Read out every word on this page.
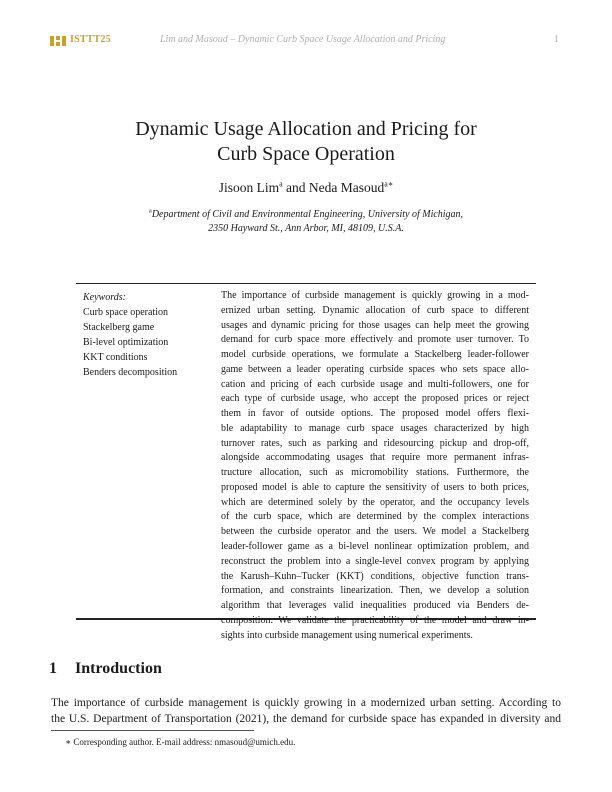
ISTTT25	Lim and Masoud – Dynamic Curb Space Usage Allocation and Pricing	1
Dynamic Usage Allocation and Pricing for
Curb Space Operation
Jisoon Lim$^a$ and Neda Masoud$^{a∗}$
$^a$Department of Civil and Environmental Engineering, University of Michigan,
2350 Hayward St., Ann Arbor, MI, 48109, U.S.A.
Keywords:
Curb space operation
Stackelberg game
Bi-level optimization
KKT conditions
Benders decomposition
The importance of curbside management is quickly growing in a mod-
ernized urban setting. Dynamic allocation of curb space to different
usages and dynamic pricing for those usages can help meet the growing
demand for curb space more effectively and promote user turnover. To
model curbside operations, we formulate a Stackelberg leader-follower
game between a leader operating curbside spaces who sets space allo-
cation and pricing of each curbside usage and multi-followers, one for
each type of curbside usage, who accept the proposed prices or reject
them in favor of outside options. The proposed model offers flexi-
ble adaptability to manage curb space usages characterized by high
turnover rates, such as parking and ridesourcing pickup and drop-off,
alongside accommodating usages that require more permanent infras-
tructure allocation, such as micromobility stations. Furthermore, the
proposed model is able to capture the sensitivity of users to both prices,
which are determined solely by the operator, and the occupancy levels
of the curb space, which are determined by the complex interactions
between the curbside operator and the users. We model a Stackelberg
leader-follower game as a bi-level nonlinear optimization problem, and
reconstruct the problem into a single-level convex program by applying
the Karush–Kuhn–Tucker (KKT) conditions, objective function trans-
formation, and constraints linearization. Then, we develop a solution
algorithm that leverages valid inequalities produced via Benders de-
composition. We validate the practicability of the model and draw in-
sights into curbside management using numerical experiments.
1 Introduction
The importance of curbside management is quickly growing in a modernized urban setting. According to
the U.S. Department of Transportation (2021), the demand for curbside space has expanded in diversity and
∗ Corresponding author. E-mail address: nmasoud@umich.edu.
